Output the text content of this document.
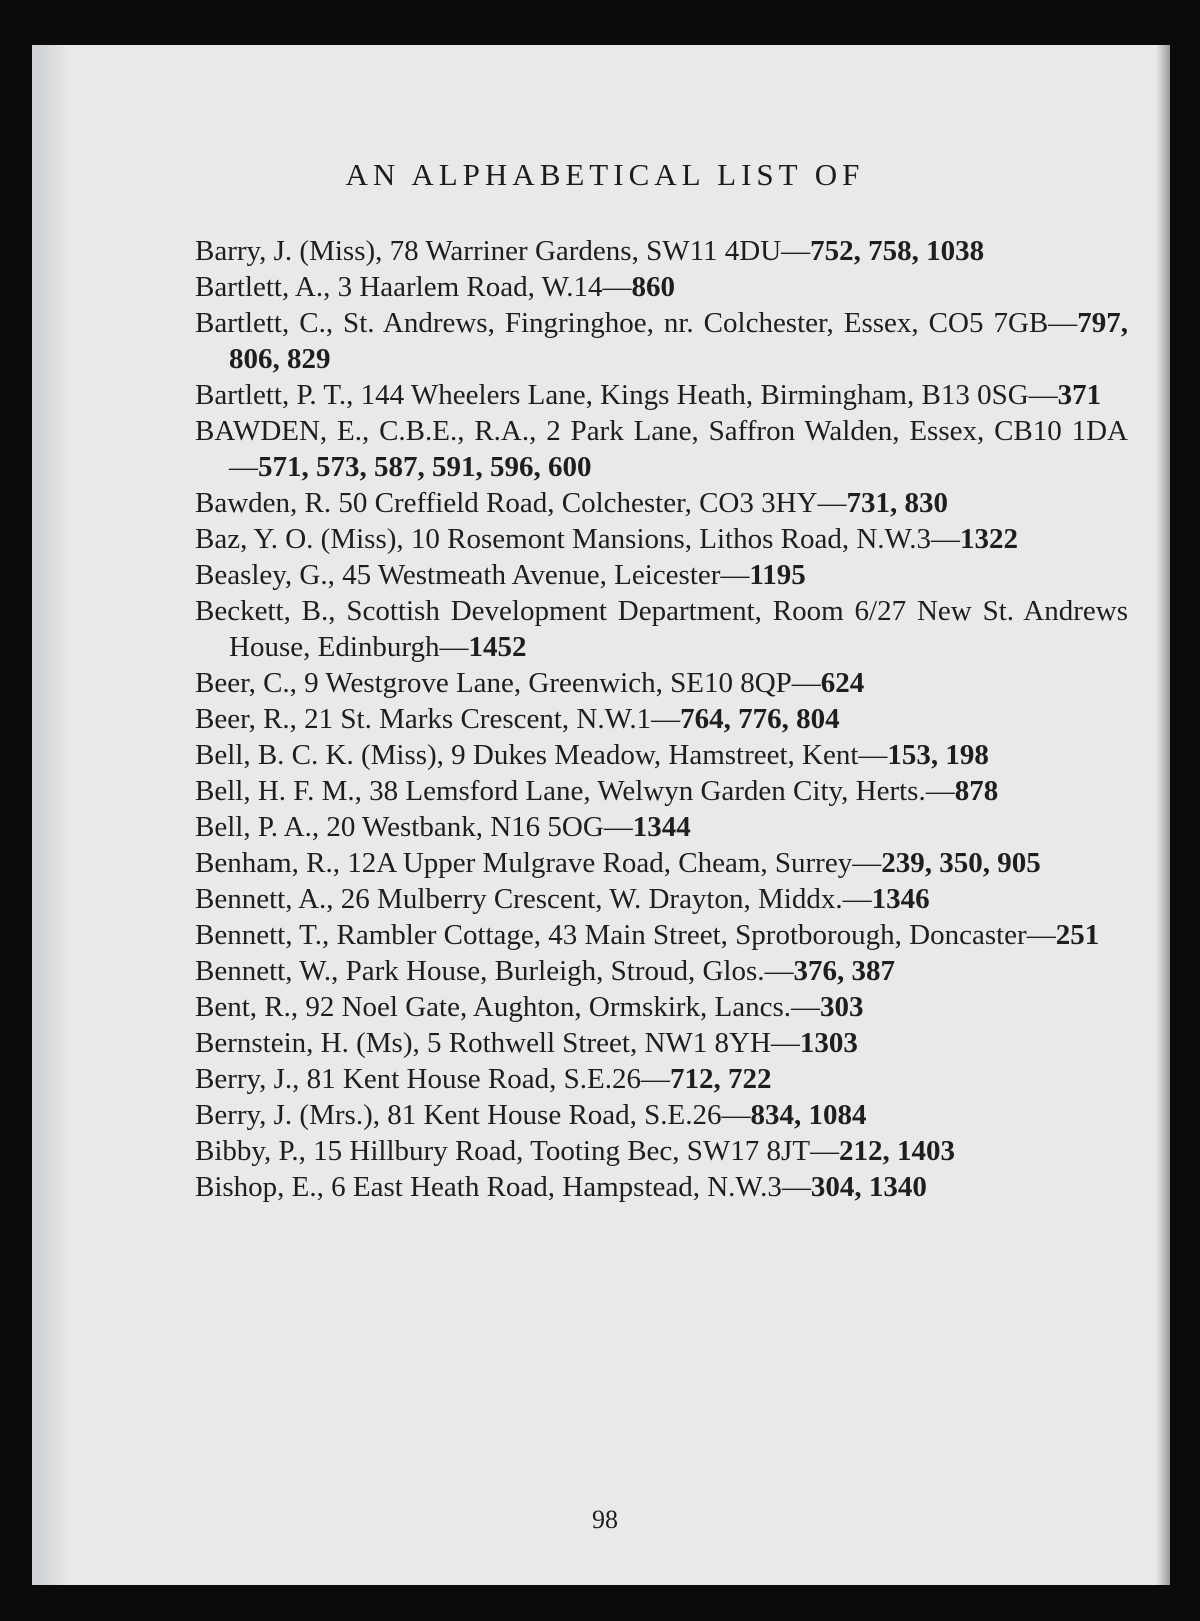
AN ALPHABETICAL LIST OF
Barry, J. (Miss), 78 Warriner Gardens, SW11 4DU—752, 758, 1038
Bartlett, A., 3 Haarlem Road, W.14—860
Bartlett, C., St. Andrews, Fingringhoe, nr. Colchester, Essex, CO5 7GB—797, 806, 829
Bartlett, P. T., 144 Wheelers Lane, Kings Heath, Birmingham, B13 0SG—371
BAWDEN, E., C.B.E., R.A., 2 Park Lane, Saffron Walden, Essex, CB10 1DA—571, 573, 587, 591, 596, 600
Bawden, R. 50 Creffield Road, Colchester, CO3 3HY—731, 830
Baz, Y. O. (Miss), 10 Rosemont Mansions, Lithos Road, N.W.3—1322
Beasley, G., 45 Westmeath Avenue, Leicester—1195
Beckett, B., Scottish Development Department, Room 6/27 New St. Andrews House, Edinburgh—1452
Beer, C., 9 Westgrove Lane, Greenwich, SE10 8QP—624
Beer, R., 21 St. Marks Crescent, N.W.1—764, 776, 804
Bell, B. C. K. (Miss), 9 Dukes Meadow, Hamstreet, Kent—153, 198
Bell, H. F. M., 38 Lemsford Lane, Welwyn Garden City, Herts.—878
Bell, P. A., 20 Westbank, N16 5OG—1344
Benham, R., 12A Upper Mulgrave Road, Cheam, Surrey—239, 350, 905
Bennett, A., 26 Mulberry Crescent, W. Drayton, Middx.—1346
Bennett, T., Rambler Cottage, 43 Main Street, Sprotborough, Doncaster—251
Bennett, W., Park House, Burleigh, Stroud, Glos.—376, 387
Bent, R., 92 Noel Gate, Aughton, Ormskirk, Lancs.—303
Bernstein, H. (Ms), 5 Rothwell Street, NW1 8YH—1303
Berry, J., 81 Kent House Road, S.E.26—712, 722
Berry, J. (Mrs.), 81 Kent House Road, S.E.26—834, 1084
Bibby, P., 15 Hillbury Road, Tooting Bec, SW17 8JT—212, 1403
Bishop, E., 6 East Heath Road, Hampstead, N.W.3—304, 1340
98
